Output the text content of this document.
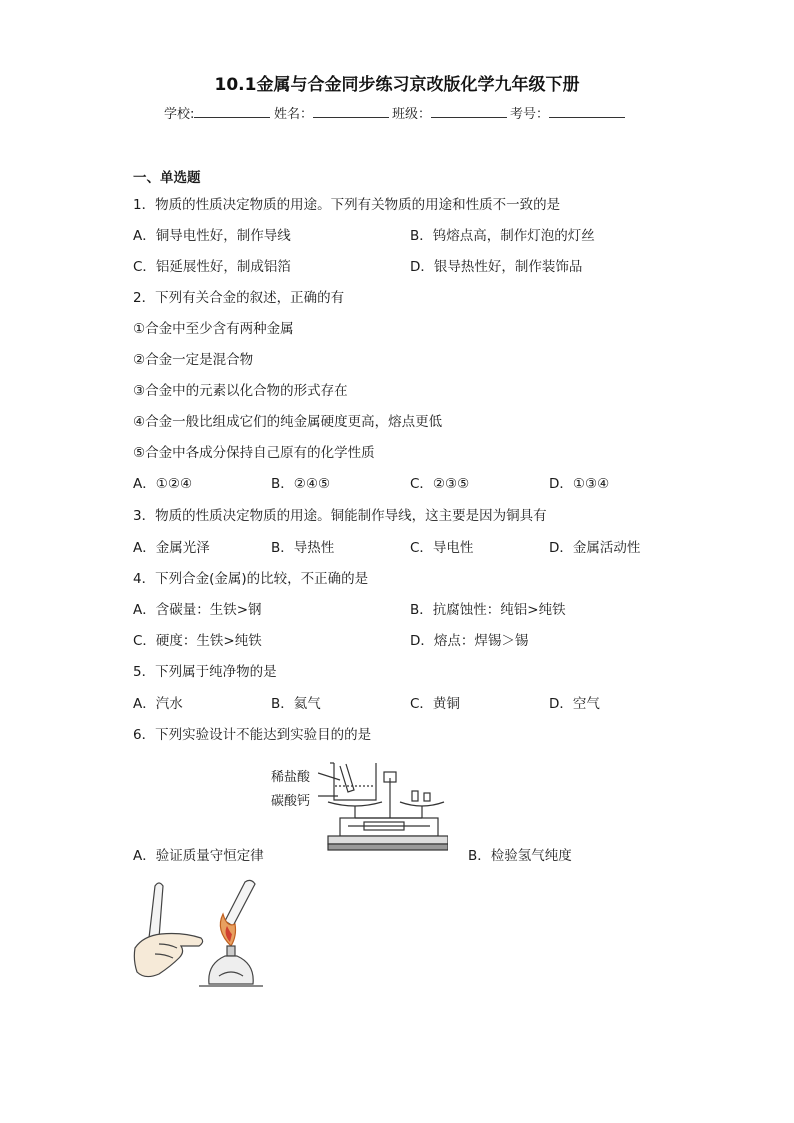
10.1金属与合金同步练习京改版化学九年级下册
学校:	姓名：	班级：	考号：
一、单选题
1．物质的性质决定物质的用途。下列有关物质的用途和性质不一致的是
A．铜导电性好，制作导线	B．钨熔点高，制作灯泡的灯丝
C．铝延展性好，制成铝箔	D．银导热性好，制作装饰品
2．下列有关合金的叙述，正确的有
①合金中至少含有两种金属
②合金一定是混合物
③合金中的元素以化合物的形式存在
④合金一般比组成它们的纯金属硬度更高，熔点更低
⑤合金中各成分保持自己原有的化学性质
A．①②④	B．②④⑤	C．②③⑤	D．①③④
3．物质的性质决定物质的用途。铜能制作导线，这主要是因为铜具有
A．金属光泽	B．导热性	C．导电性	D．金属活动性
4．下列合金(金属)的比较，不正确的是
A．含碳量：生铁>钢	B．抗腐蚀性：纯铝>纯铁
C．硬度：生铁>纯铁	D．熔点：焊锡＞锡
5．下列属于纯净物的是
A．汽水	B．氦气	C．黄铜	D．空气
6．下列实验设计不能达到实验目的的是
稀盐酸
碳酸钙
A．验证质量守恒定律	B．检验氢气纯度
